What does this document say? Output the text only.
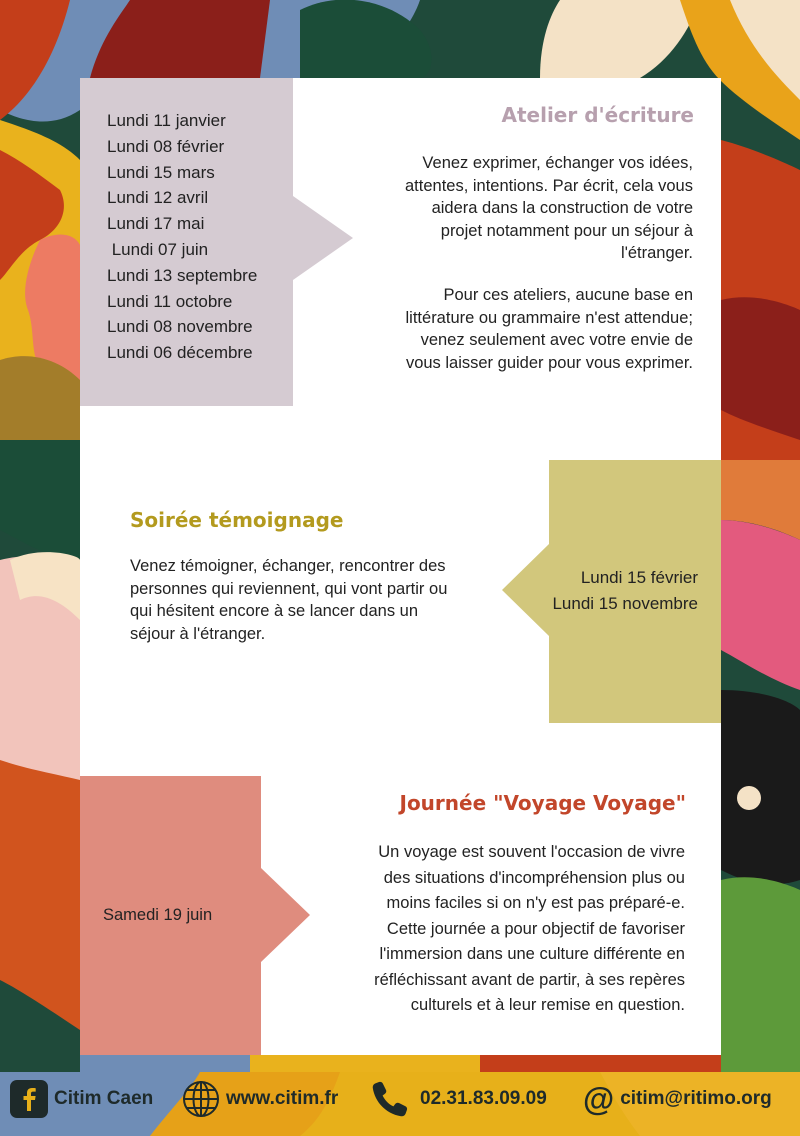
Lundi 11 janvier
Lundi 08 février
Lundi 15 mars
Lundi 12 avril
Lundi 17 mai
Lundi 07 juin
Lundi 13 septembre
Lundi 11 octobre
Lundi 08 novembre
Lundi 06 décembre
Atelier d'écriture
Venez exprimer, échanger vos idées,
attentes, intentions. Par écrit, cela vous
aidera dans la construction de votre
projet notamment pour un séjour à
l'étranger.
Pour ces ateliers, aucune base en
littérature ou grammaire n'est attendue;
venez seulement avec votre envie de
vous laisser guider pour vous exprimer.
Soirée témoignage
Venez témoigner, échanger, rencontrer des
personnes qui reviennent, qui vont partir ou
qui hésitent encore à se lancer dans un
séjour à l'étranger.
Lundi 15 février
Lundi 15 novembre
Samedi 19 juin
Journée "Voyage Voyage"
Un voyage est souvent l'occasion de vivre
des situations d'incompréhension plus ou
moins faciles si on n'y est pas préparé-e.
Cette journée a pour objectif de favoriser
l'immersion dans une culture différente en
réfléchissant avant de partir, à ses repères
culturels et à leur remise en question.
Citim Caen	www.citim.fr	02.31.83.09.09 @ citim@ritimo.org
